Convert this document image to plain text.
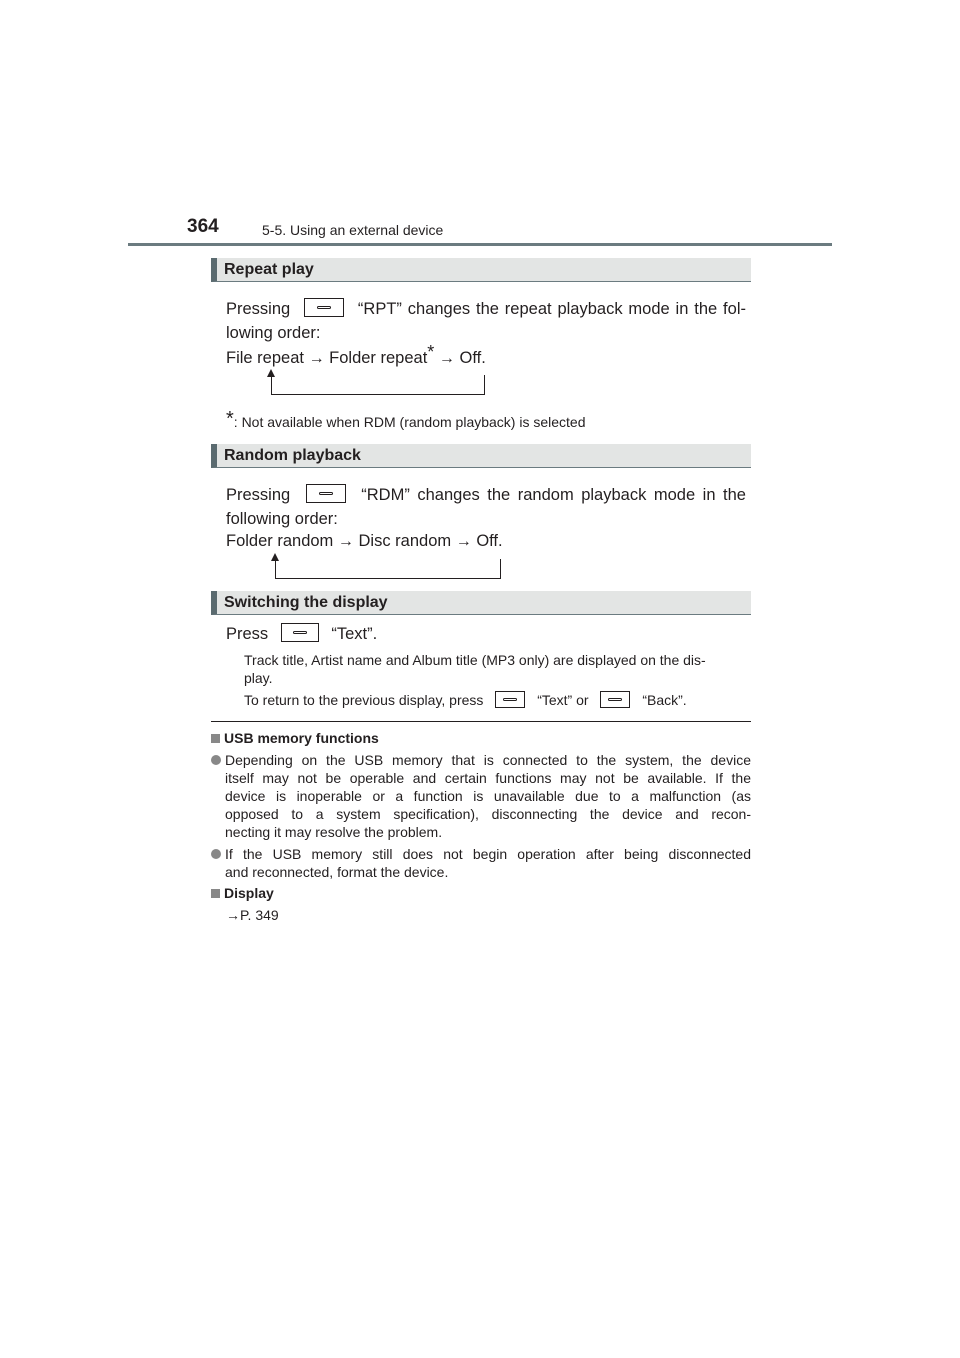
364	5-5. Using an external device
Repeat play
Pressing	“RPT” changes the repeat playback mode in the fol-
lowing order:
File repeat → Folder repeat* → Off.
*: Not available when RDM (random playback) is selected
Random playback
Pressing	“RDM” changes the random playback mode in the
following order:
Folder random → Disc random → Off.
Switching the display
Press	“Text”.
Track title, Artist name and Album title (MP3 only) are displayed on the dis-
play.
To return to the previous display, press	“Text” or	“Back”.
USB memory functions
Depending on the USB memory that is connected to the system, the device
itself may not be operable and certain functions may not be available. If the
device is inoperable or a function is unavailable due to a malfunction (as
opposed to a system specification), disconnecting the device and recon-
necting it may resolve the problem.
If the USB memory still does not begin operation after being disconnected
and reconnected, format the device.
Display
→P. 349
